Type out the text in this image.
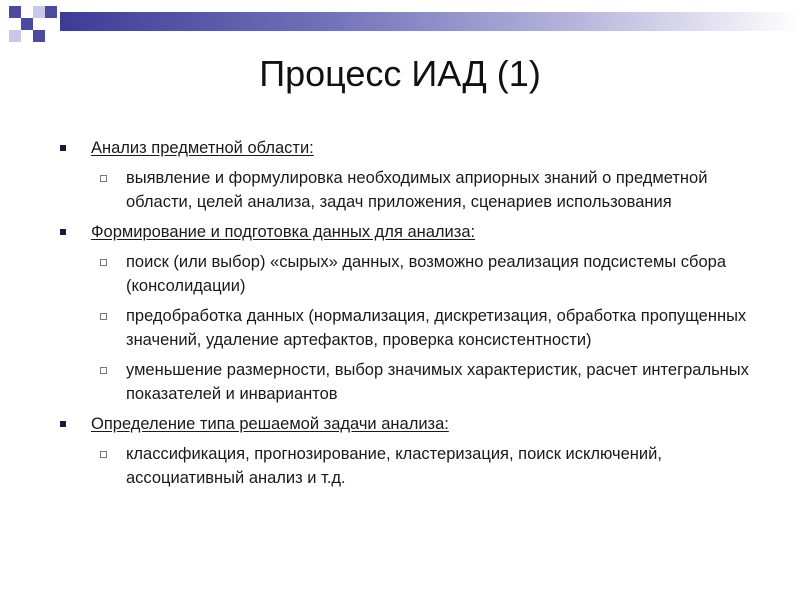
Процесс ИАД (1)
Анализ предметной области:
выявление и формулировка необходимых априорных знаний о предметной области, целей анализа, задач приложения, сценариев использования
Формирование и подготовка данных для анализа:
поиск (или выбор) «сырых» данных, возможно реализация подсистемы сбора (консолидации)
предобработка данных (нормализация, дискретизация, обработка пропущенных значений, удаление артефактов, проверка консистентности)
уменьшение размерности, выбор значимых характеристик, расчет интегральных показателей и инвариантов
Определение типа решаемой задачи анализа:
классификация, прогнозирование, кластеризация, поиск исключений, ассоциативный анализ и т.д.
